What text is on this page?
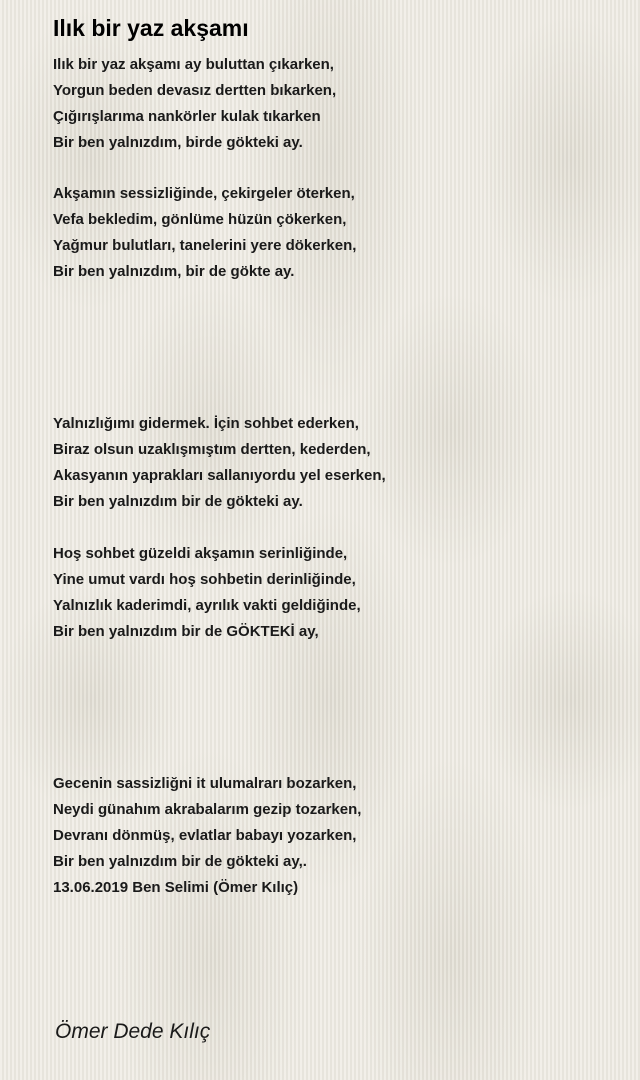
Ilık bir yaz akşamı
Ilık bir yaz akşamı ay buluttan çıkarken,
Yorgun beden devasız dertten bıkarken,
Çığırışlarıma nankörler kulak tıkarken
Bir ben yalnızdım, birde gökteki ay.
Akşamın sessizliğinde, çekirgeler öterken,
Vefa bekledim, gönlüme hüzün çökerken,
Yağmur bulutları, tanelerini yere dökerken,
Bir ben yalnızdım, bir de gökte ay.
Yalnızlığımı gidermek. İçin sohbet ederken,
Biraz olsun uzaklışmıştım dertten, kederden,
Akasyanın yaprakları sallanıyordu yel eserken,
Bir ben yalnızdım bir de gökteki ay.
Hoş sohbet güzeldi akşamın serinliğinde,
Yine umut vardı hoş sohbetin derinliğinde,
Yalnızlık kaderimdi, ayrılık vakti geldiğinde,
Bir ben yalnızdım bir de GÖKTEKİ ay,
Gecenin sassizliğni it ulumalrarı bozarken,
Neydi günahım akrabalarım gezip tozarken,
Devranı dönmüş, evlatlar babayı yozarken,
Bir ben yalnızdım bir de gökteki ay,.
13.06.2019 Ben Selimi (Ömer Kılıç)

Ömer Dede Kılıç
